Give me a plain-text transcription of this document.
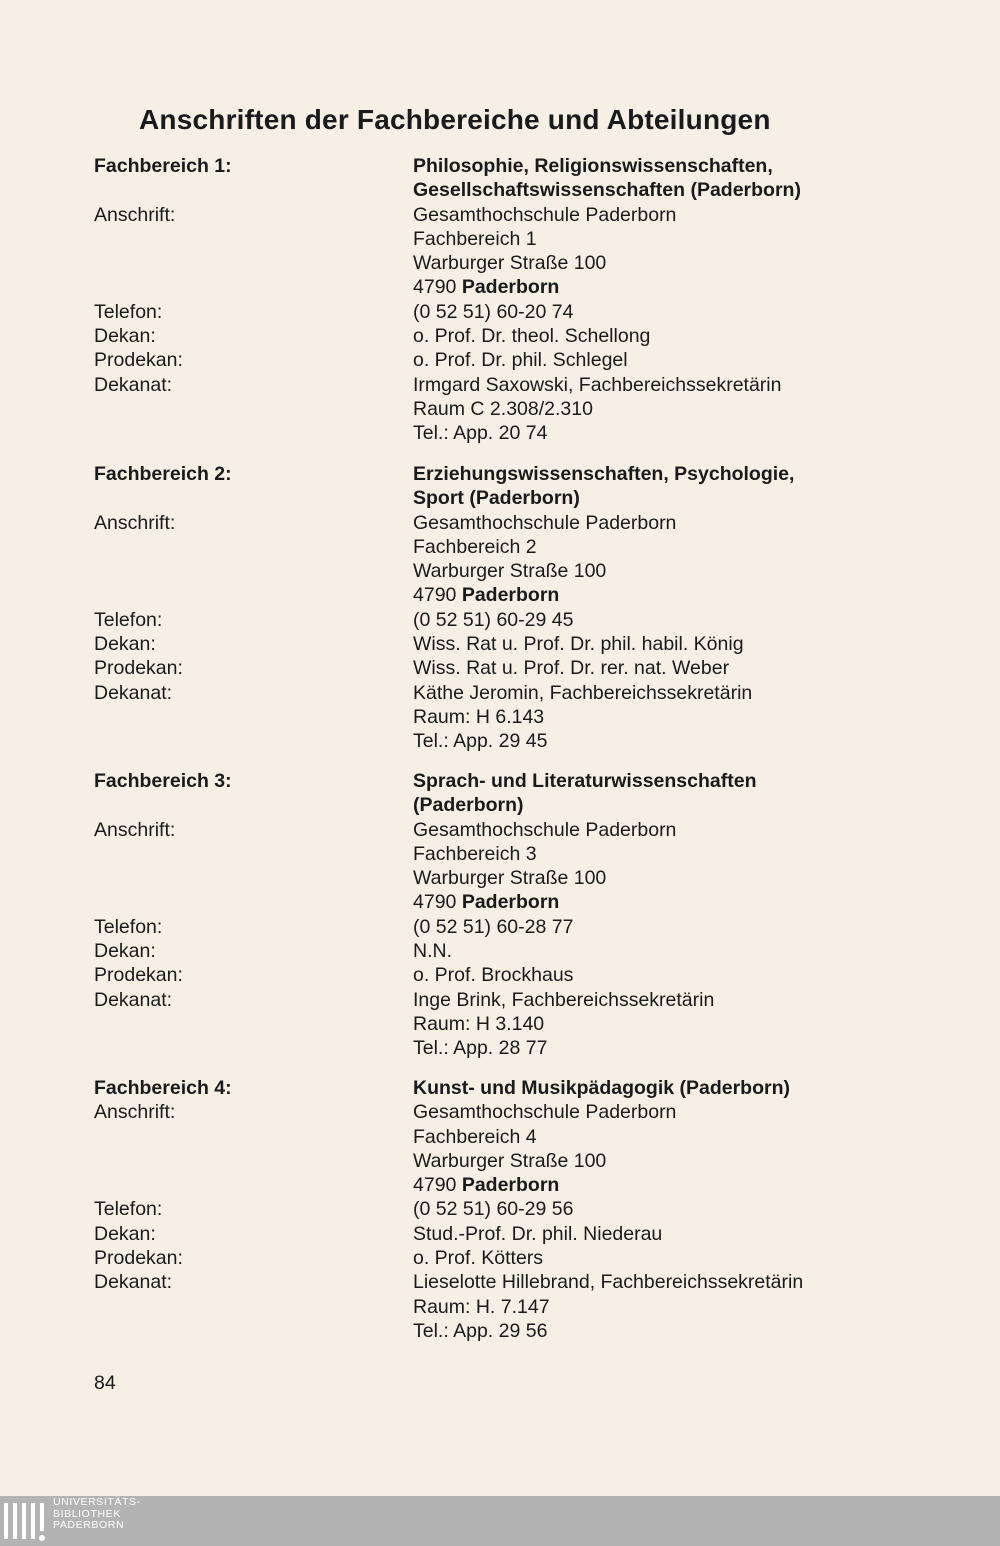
Anschriften der Fachbereiche und Abteilungen
Fachbereich 1:	Philosophie, Religionswissenschaften,
Gesellschaftswissenschaften (Paderborn)
Anschrift:	Gesamthochschule Paderborn
Fachbereich 1
Warburger Straße 100
4790 Paderborn
Telefon:	(0 52 51) 60-20 74
Dekan:	o. Prof. Dr. theol. Schellong
Prodekan:	o. Prof. Dr. phil. Schlegel
Dekanat:	Irmgard Saxowski, Fachbereichssekretärin
Raum C 2.308/2.310
Tel.: App. 20 74
Fachbereich 2:	Erziehungswissenschaften, Psychologie,
Sport (Paderborn)
Anschrift:	Gesamthochschule Paderborn
Fachbereich 2
Warburger Straße 100
4790 Paderborn
Telefon:	(0 52 51) 60-29 45
Dekan:	Wiss. Rat u. Prof. Dr. phil. habil. König
Prodekan:	Wiss. Rat u. Prof. Dr. rer. nat. Weber
Dekanat:	Käthe Jeromin, Fachbereichssekretärin
Raum: H 6.143
Tel.: App. 29 45
Fachbereich 3:	Sprach- und Literaturwissenschaften
(Paderborn)
Anschrift:	Gesamthochschule Paderborn
Fachbereich 3
Warburger Straße 100
4790 Paderborn
Telefon:	(0 52 51) 60-28 77
Dekan:	N.N.
Prodekan:	o. Prof. Brockhaus
Dekanat:	Inge Brink, Fachbereichssekretärin
Raum: H 3.140
Tel.: App. 28 77
Fachbereich 4:	Kunst- und Musikpädagogik (Paderborn)
Anschrift:	Gesamthochschule Paderborn
Fachbereich 4
Warburger Straße 100
4790 Paderborn
Telefon:	(0 52 51) 60-29 56
Dekan:	Stud.-Prof. Dr. phil. Niederau
Prodekan:	o. Prof. Kötters
Dekanat:	Lieselotte Hillebrand, Fachbereichssekretärin
Raum: H. 7.147
Tel.: App. 29 56
84
UNIVERSITÄTS-
BIBLIOTHEK
PADERBORN
